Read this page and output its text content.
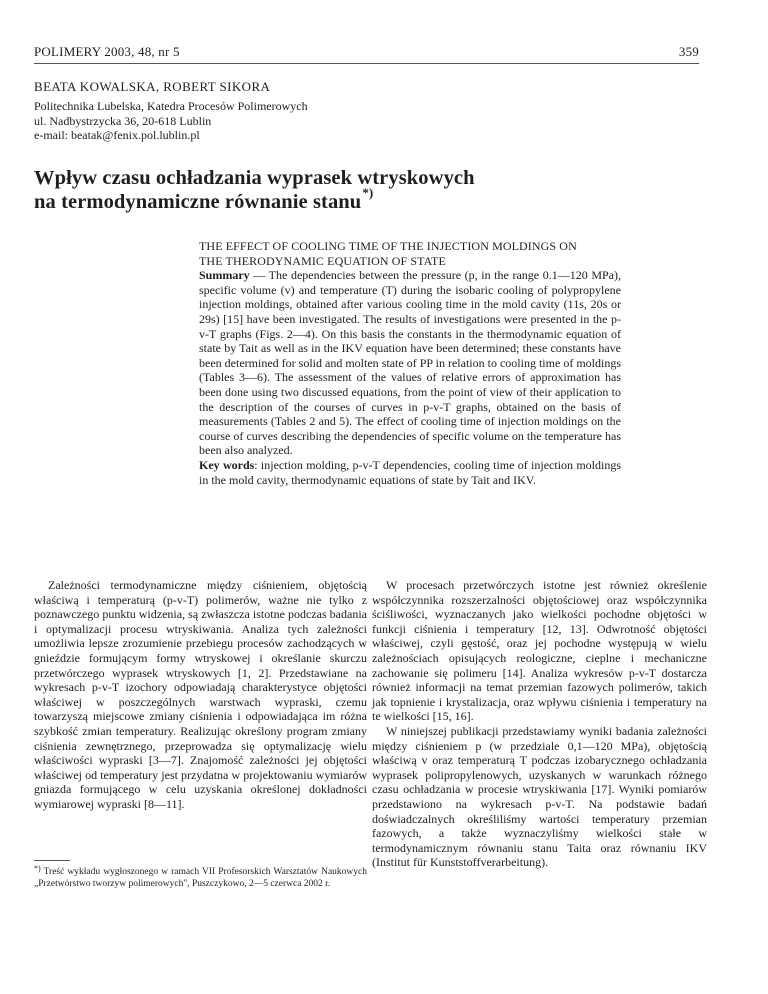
POLIMERY 2003, 48, nr 5	359
BEATA KOWALSKA, ROBERT SIKORA
Politechnika Lubelska, Katedra Procesów Polimerowych
ul. Nadbystrzycka 36, 20-618 Lublin
e-mail: beatak@fenix.pol.lublin.pl
Wpływ czasu ochładzania wyprasek wtryskowych
na termodynamiczne równanie stanu*)
THE EFFECT OF COOLING TIME OF THE INJECTION MOLDINGS ON
THE THERODYNAMIC EQUATION OF STATE

Summary — The dependencies between the pressure (p, in the range 0.1—120 MPa), specific volume (v) and temperature (T) during the isobaric cooling of polypropylene injection moldings, obtained after various cooling time in the mold cavity (11s, 20s or 29s) [15] have been investigated. The results of investigations were presented in the p-v-T graphs (Figs. 2—4). On this basis the constants in the thermodynamic equation of state by Tait as well as in the IKV equation have been determined; these constants have been determined for solid and molten state of PP in relation to cooling time of moldings (Tables 3—6). The assessment of the values of relative errors of approximation has been done using two discussed equations, from the point of view of their application to the description of the courses of curves in p-v-T graphs, obtained on the basis of measurements (Tables 2 and 5). The effect of cooling time of injection moldings on the course of curves describing the dependencies of specific volume on the temperature has been also analyzed.

Key words: injection molding, p-v-T dependencies, cooling time of injection moldings in the mold cavity, thermodynamic equations of state by Tait and IKV.

Zależności termodynamiczne między ciśnieniem, objętością właściwą i temperaturą (p-v-T) polimerów, ważne nie tylko z poznawczego punktu widzenia, są zwłaszcza istotne podczas badania i optymalizacji procesu wtryskiwania. Analiza tych zależności umożliwia lepsze zrozumienie przebiegu procesów zachodzących w gnieździe formującym formy wtryskowej i określanie skurczu przetwórczego wyprasek wtryskowych [1, 2]. Przedstawiane na wykresach p-v-T izochory odpowiadają charakterystyce objętości właściwej w poszczególnych warstwach wypraski, czemu towarzyszą miejscowe zmiany ciśnienia i odpowiadająca im różna szybkość zmian temperatury. Realizując określony program zmiany ciśnienia zewnętrznego, przeprowadza się optymalizację wielu właściwości wypraski [3—7]. Znajomość zależności jej objętości właściwej od temperatury jest przydatna w projektowaniu wymiarów gniazda formującego w celu uzyskania określonej dokładności wymiarowej wypraski [8—11].

W procesach przetwórczych istotne jest również określenie współczynnika rozszerzalności objętościowej oraz współczynnika ściśliwości, wyznaczanych jako wielkości pochodne objętości w funkcji ciśnienia i temperatury [12, 13]. Odwrotność objętości właściwej, czyli gęstość, oraz jej pochodne występują w wielu zależnościach opisujących reologiczne, cieplne i mechaniczne zachowanie się polimeru [14]. Analiza wykresów p-v-T dostarcza również informacji na temat przemian fazowych polimerów, takich jak topnienie i krystalizacja, oraz wpływu ciśnienia i temperatury na te wielkości [15, 16].

W niniejszej publikacji przedstawiamy wyniki badania zależności między ciśnieniem p (w przedziale 0,1—120 MPa), objętością właściwą v oraz temperaturą T podczas izobarycznego ochładzania wyprasek polipropylenowych, uzyskanych w warunkach różnego czasu ochładzania w procesie wtryskiwania [17]. Wyniki pomiarów przedstawiono na wykresach p-v-T. Na podstawie badań doświadczalnych określiliśmy wartości temperatury przemian fazowych, a także wyznaczyliśmy wielkości stałe w termodynamicznym równaniu stanu Taita oraz równaniu IKV (Institut für Kunststoffverarbeitung).

*) Treść wykładu wygłoszonego w ramach VII Profesorskich Warsztatów Naukowych „Przetwórstwo tworzyw polimerowych", Puszczykowo, 2—5 czerwca 2002 r.
